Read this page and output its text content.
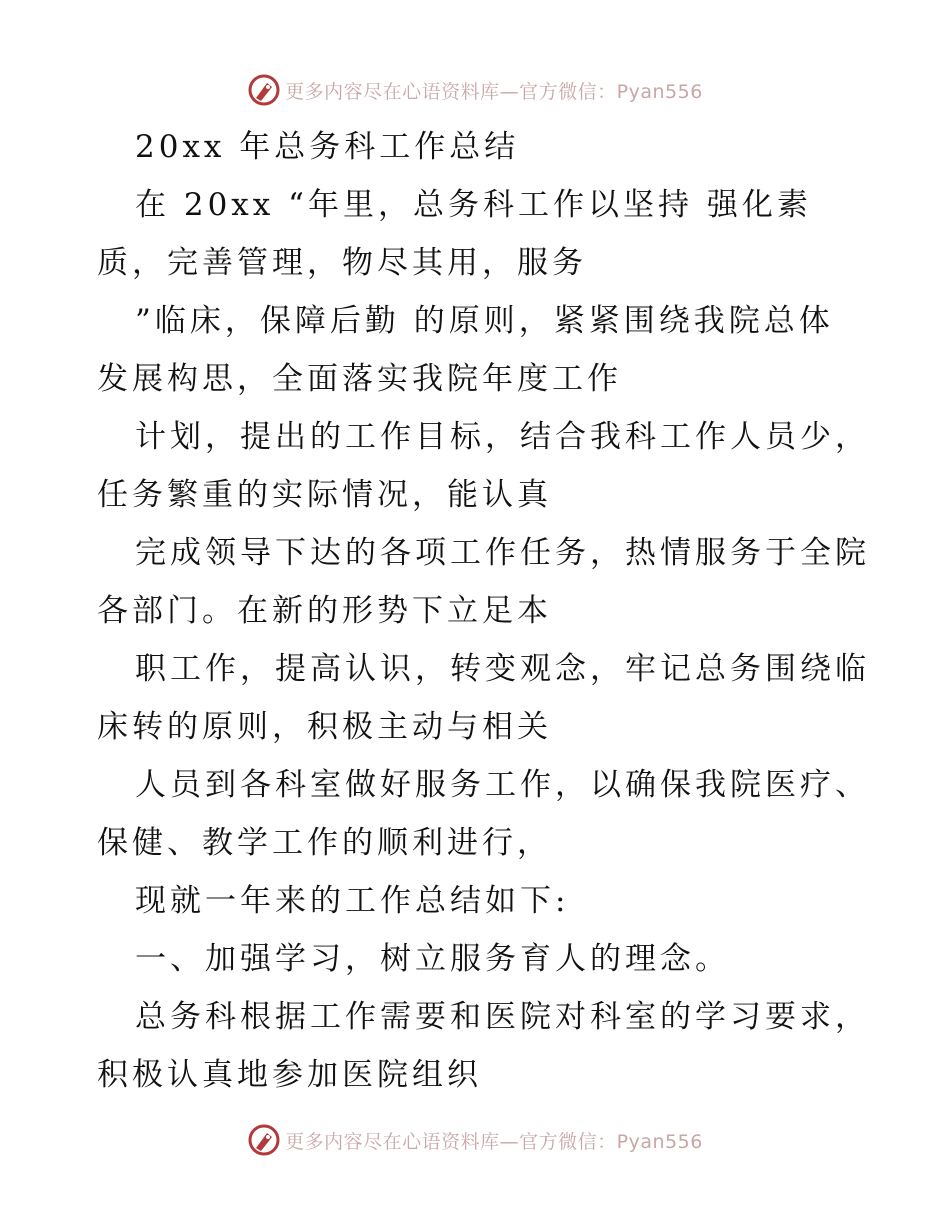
更多内容尽在心语资料库—官方微信：Pyan556
20xx 年总务科工作总结
在 20xx “年里，总务科工作以坚持 强化素
质，完善管理，物尽其用，服务
”临床，保障后勤 的原则，紧紧围绕我院总体
发展构思，全面落实我院年度工作
计划，提出的工作目标，结合我科工作人员少，
任务繁重的实际情况，能认真
完成领导下达的各项工作任务，热情服务于全院
各部门。在新的形势下立足本
职工作，提高认识，转变观念，牢记总务围绕临
床转的原则，积极主动与相关
人员到各科室做好服务工作，以确保我院医疗、
保健、教学工作的顺利进行，
现就一年来的工作总结如下:
一、加强学习，树立服务育人的理念。
总务科根据工作需要和医院对科室的学习要求，
积极认真地参加医院组织
更多内容尽在心语资料库—官方微信：Pyan556
